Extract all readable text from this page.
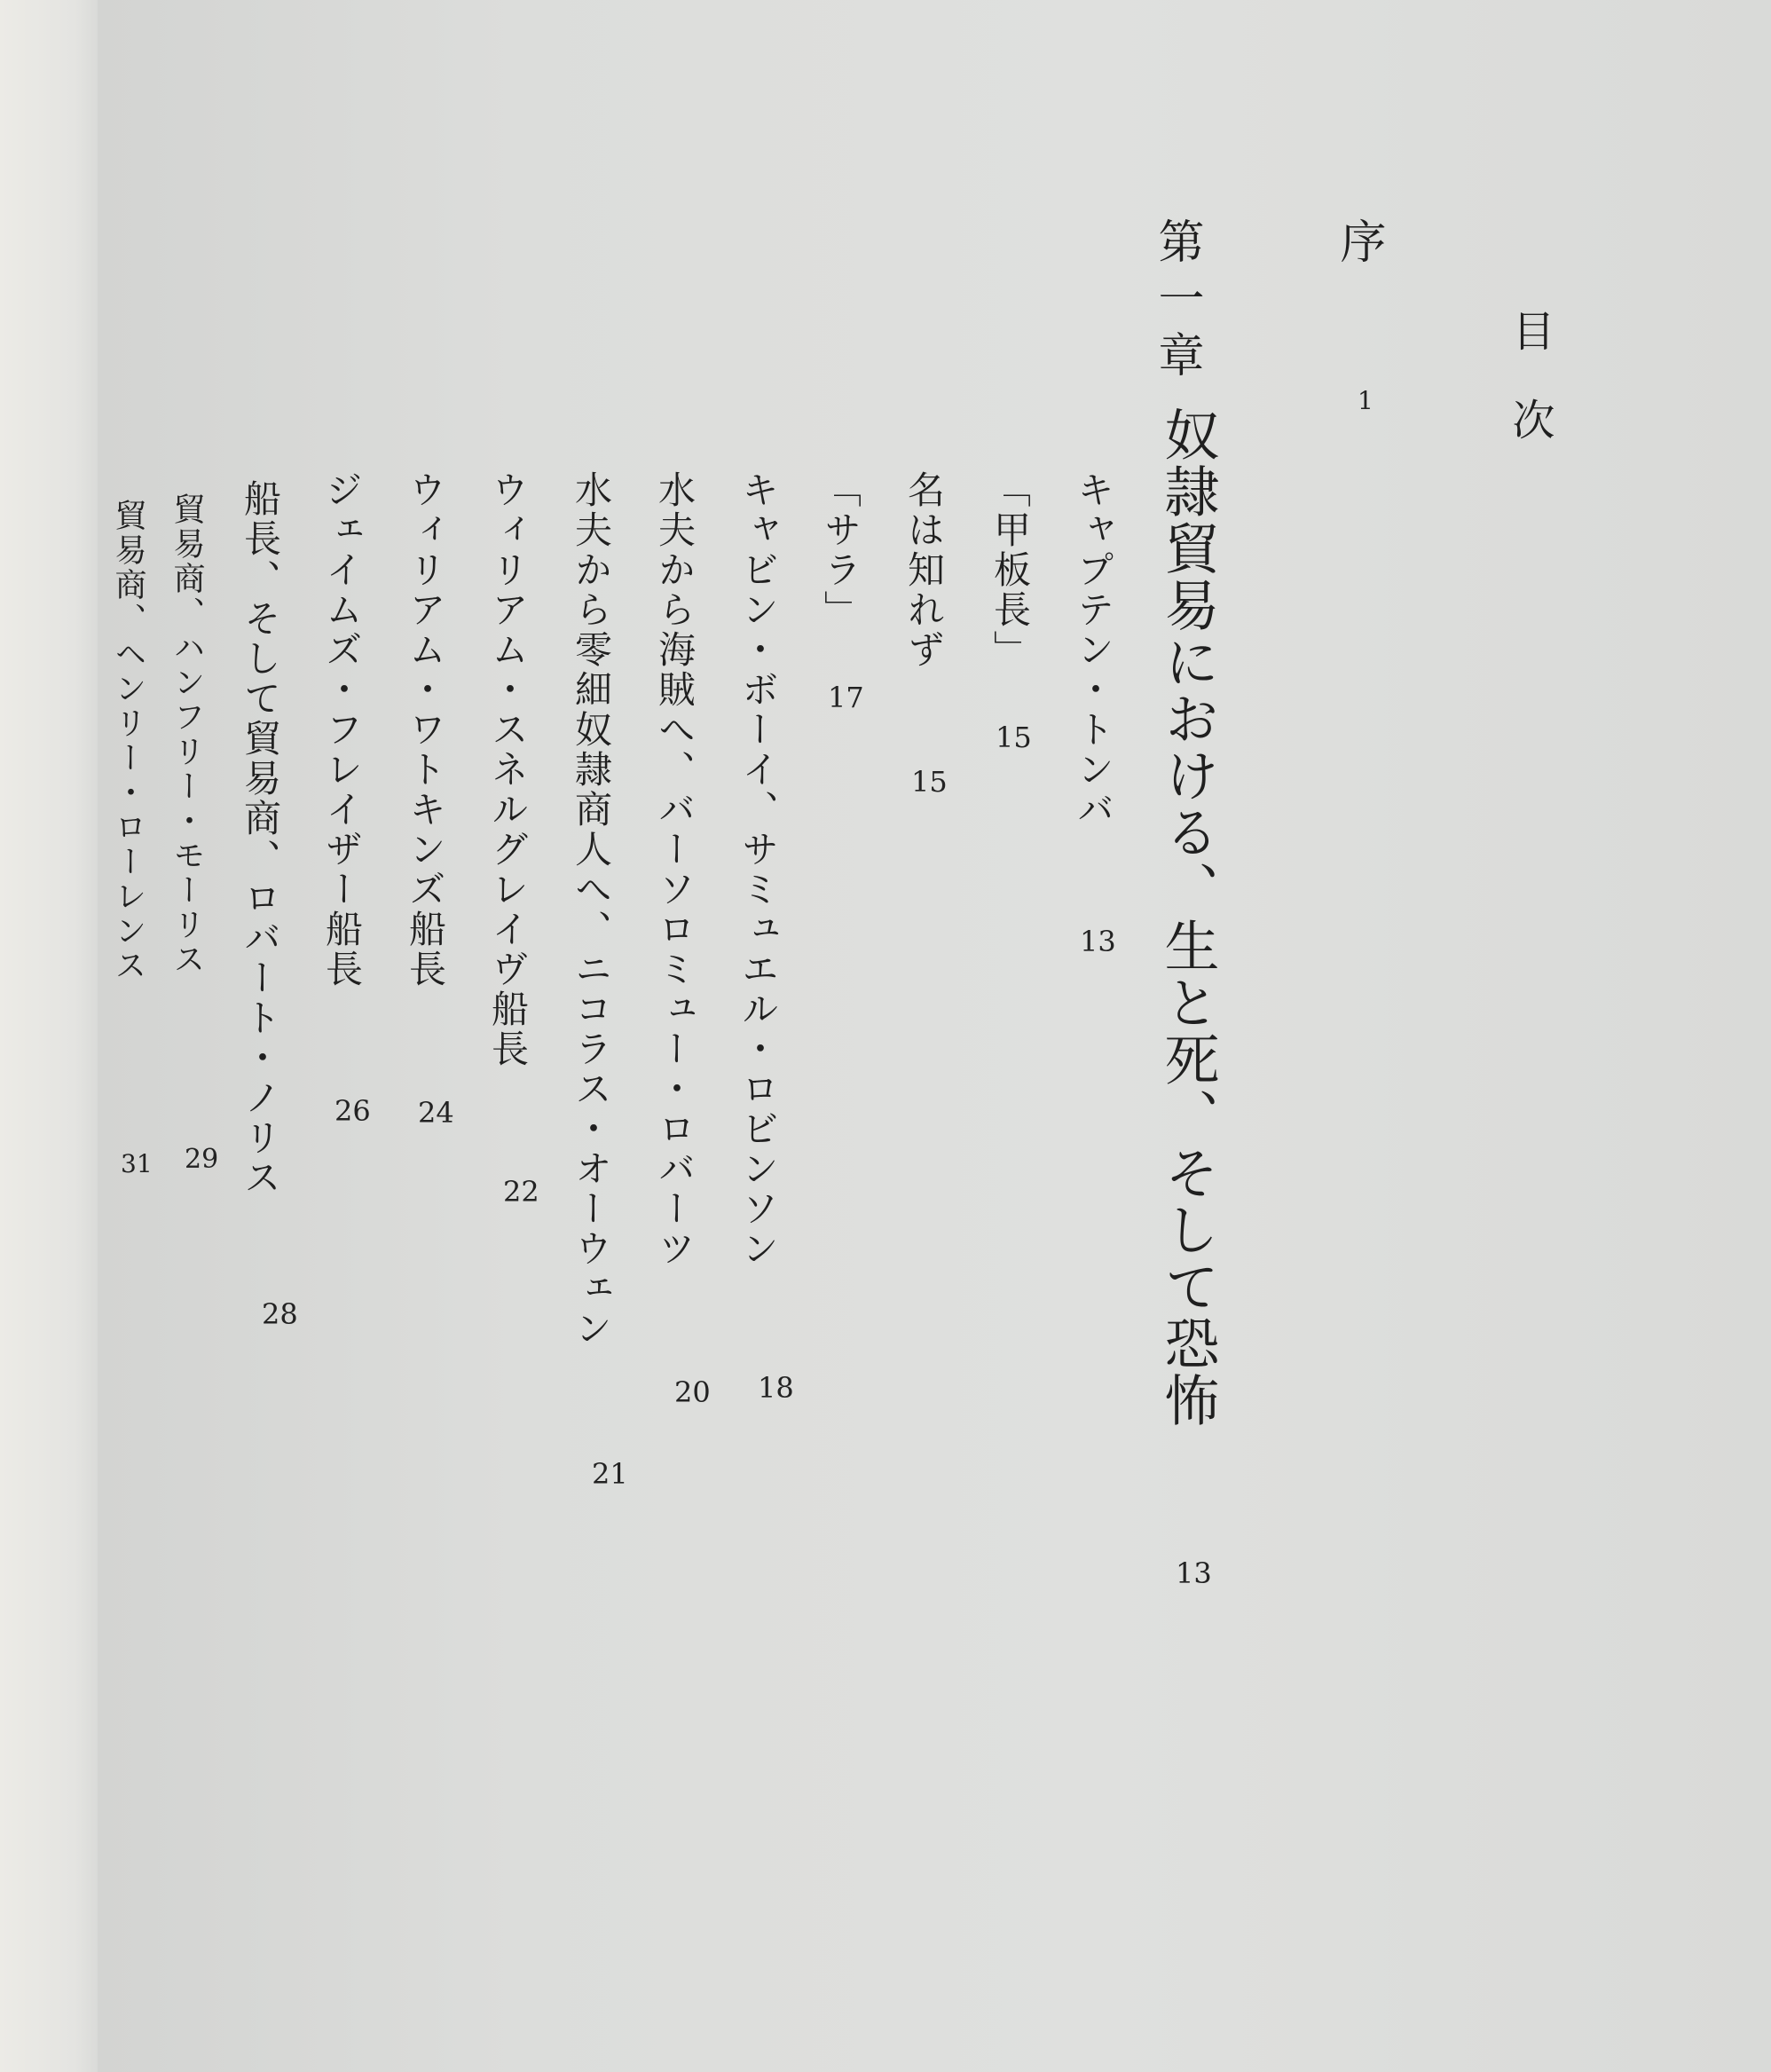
目次
序
1
第一章
奴隷貿易における、生と死、そして恐怖
13
キャプテン・トンバ
13
「甲板長」
15
名は知れず
15
「サラ」
17
キャビン・ボーイ、サミュエル・ロビンソン
18
水夫から海賊へ、バーソロミュー・ロバーツ
20
水夫から零細奴隷商人へ、ニコラス・オーウェン
21
ウィリアム・スネルグレイヴ船長
22
ウィリアム・ワトキンズ船長
24
ジェイムズ・フレイザー船長
26
船長、そして貿易商、ロバート・ノリス
28
貿易商、ハンフリー・モーリス
29
貿易商、ヘンリー・ローレンス
31
